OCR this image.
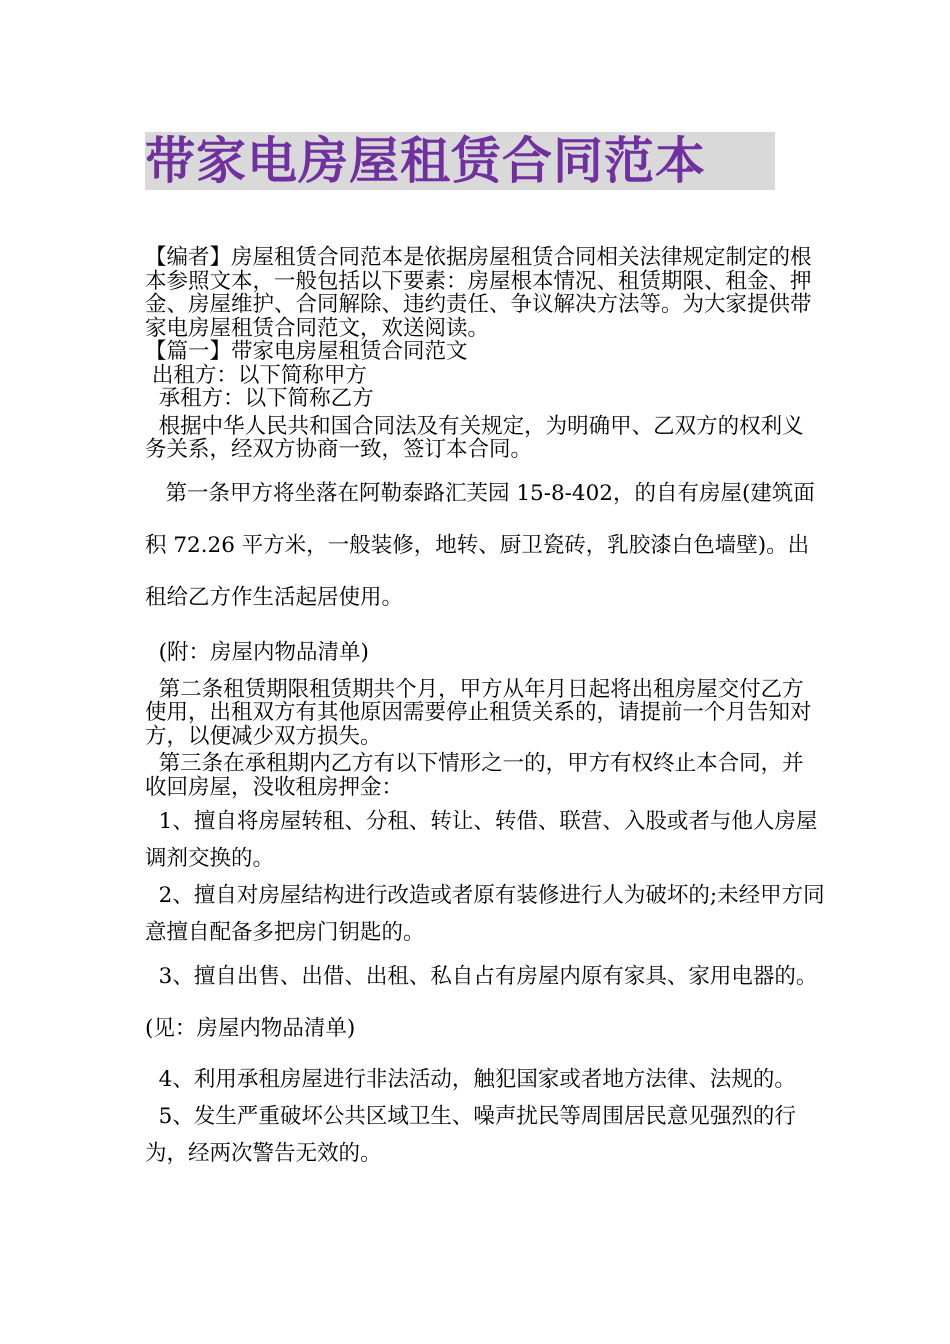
带家电房屋租赁合同范本

【编者】房屋租赁合同范本是依据房屋租赁合同相关法律规定制定的根本参照文本，一般包括以下要素：房屋根本情况、租赁期限、租金、押金、房屋维护、合同解除、违约责任、争议解决方法等。为大家提供带家电房屋租赁合同范文，欢送阅读。

【篇一】带家电房屋租赁合同范文

出租方：以下简称甲方

承租方：以下简称乙方

根据中华人民共和国合同法及有关规定，为明确甲、乙双方的权利义务关系，经双方协商一致，签订本合同。

第一条甲方将坐落在阿勒泰路汇芙园 15-8-402，的自有房屋(建筑面积 72.26 平方米，一般装修，地转、厨卫瓷砖，乳胶漆白色墙壁)。出租给乙方作生活起居使用。

(附：房屋内物品清单)

第二条租赁期限租赁期共个月，甲方从年月日起将出租房屋交付乙方使用，出租双方有其他原因需要停止租赁关系的，请提前一个月告知对方，以便减少双方损失。

第三条在承租期内乙方有以下情形之一的，甲方有权终止本合同，并收回房屋，没收租房押金：

1、擅自将房屋转租、分租、转让、转借、联营、入股或者与他人房屋调剂交换的。

2、擅自对房屋结构进行改造或者原有装修进行人为破坏的;未经甲方同意擅自配备多把房门钥匙的。

3、擅自出售、出借、出租、私自占有房屋内原有家具、家用电器的。(见：房屋内物品清单)

4、利用承租房屋进行非法活动，触犯国家或者地方法律、法规的。

5、发生严重破坏公共区域卫生、噪声扰民等周围居民意见强烈的行为，经两次警告无效的。
